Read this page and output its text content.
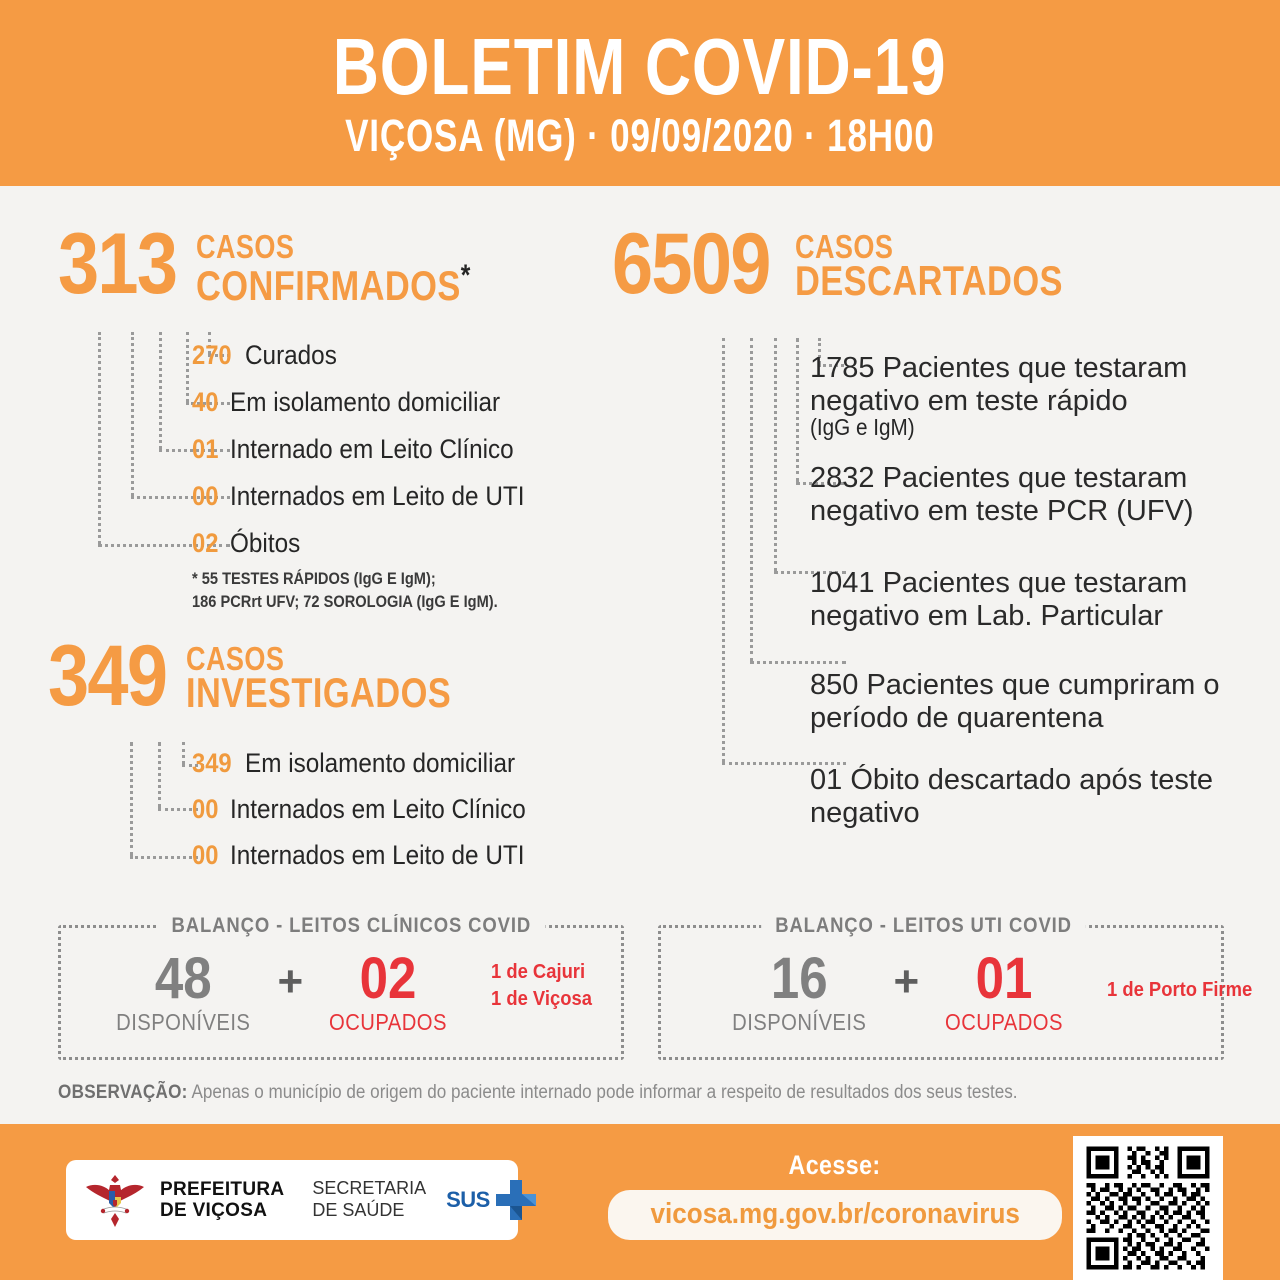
BOLETIM COVID-19
VIÇOSA (MG) · 09/09/2020 · 18H00
313 CASOS
CONFIRMADOS*
270 Curados
40 Em isolamento domiciliar
01 Internado em Leito Clínico
00 Internados em Leito de UTI
02 Óbitos
* 55 TESTES RÁPIDOS (IgG E IgM);
186 PCRrt UFV; 72 SOROLOGIA (IgG E IgM).
349 CASOS
INVESTIGADOS
349 Em isolamento domiciliar
00 Internados em Leito Clínico
00 Internados em Leito de UTI
6509 CASOS
DESCARTADOS
1785 Pacientes que testaram negativo em teste rápido
(IgG e IgM)
2832 Pacientes que testaram negativo em teste PCR (UFV)
1041 Pacientes que testaram negativo em Lab. Particular
850 Pacientes que cumpriram o período de quarentena
01 Óbito descartado após teste negativo
BALANÇO - LEITOS CLÍNICOS COVID
48
DISPONÍVEIS
+ 02
OCUPADOS
1 de Cajuri
1 de Viçosa
BALANÇO - LEITOS UTI COVID
16
DISPONÍVEIS
+ 01
OCUPADOS
1 de Porto Firme
OBSERVAÇÃO: Apenas o município de origem do paciente internado pode informar a respeito de resultados dos seus testes.
PREFEITURA
DE VIÇOSA
SECRETARIA
DE SAÚDE	SUS
Acesse: vicosa.mg.gov.br/coronavirus
